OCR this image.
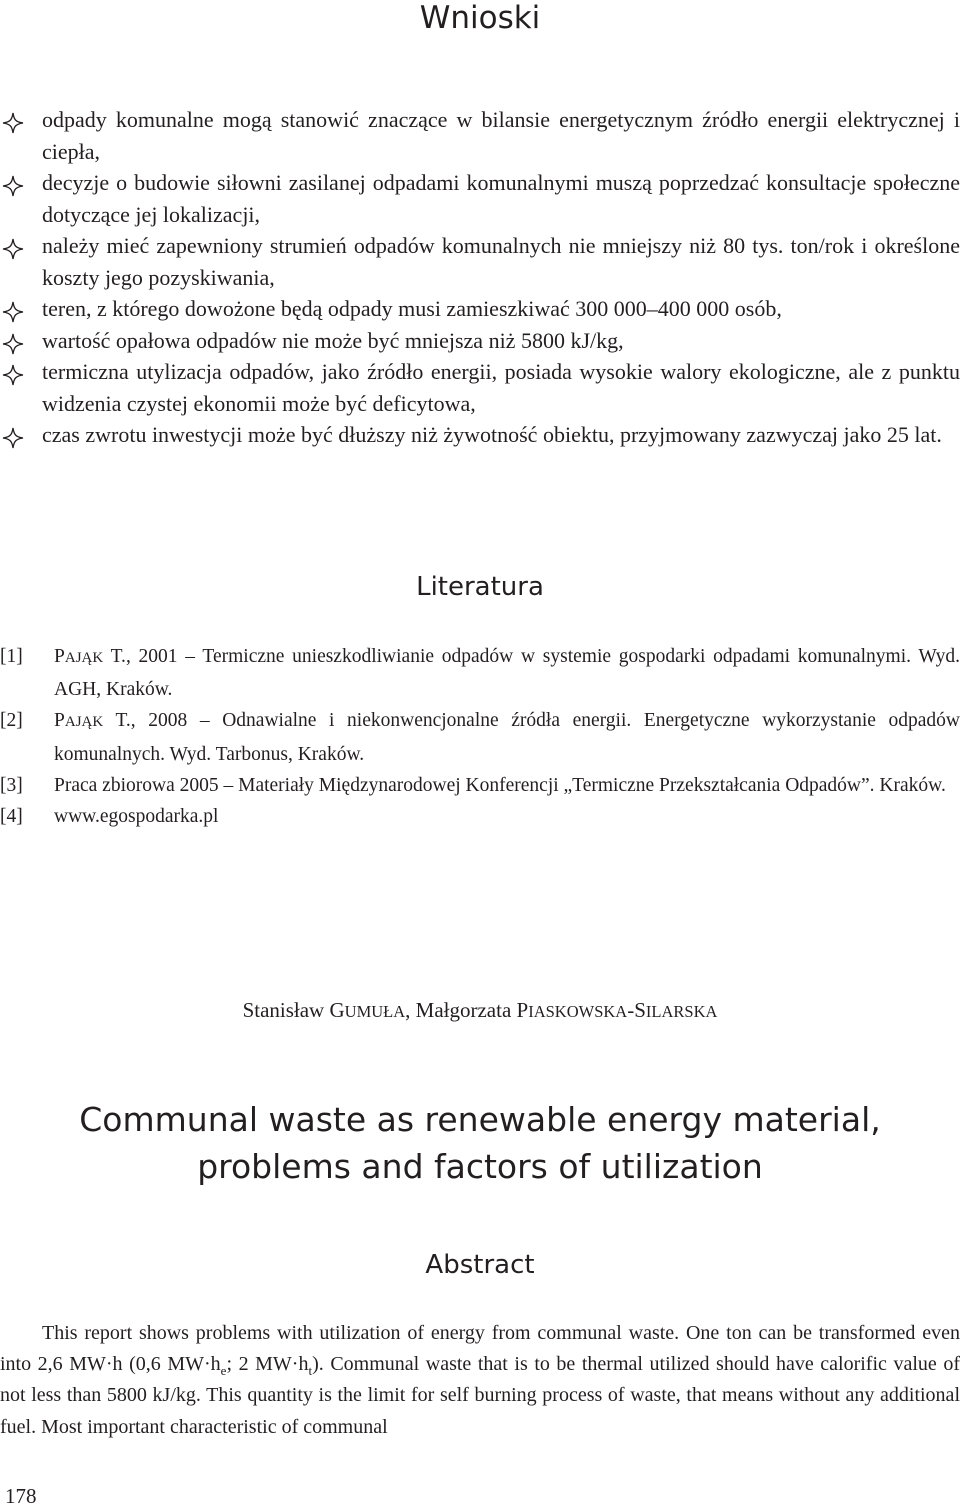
Wnioski
odpady komunalne mogą stanowić znaczące w bilansie energetycznym źródło energii elektrycznej i ciepła,
decyzje o budowie siłowni zasilanej odpadami komunalnymi muszą poprzedzać konsultacje społeczne dotyczące jej lokalizacji,
należy mieć zapewniony strumień odpadów komunalnych nie mniejszy niż 80 tys. ton/rok i określone koszty jego pozyskiwania,
teren, z którego dowożone będą odpady musi zamieszkiwać 300 000–400 000 osób,
wartość opałowa odpadów nie może być mniejsza niż 5800 kJ/kg,
termiczna utylizacja odpadów, jako źródło energii, posiada wysokie walory ekologiczne, ale z punktu widzenia czystej ekonomii może być deficytowa,
czas zwrotu inwestycji może być dłuższy niż żywotność obiektu, przyjmowany zazwyczaj jako 25 lat.
Literatura
[1] PAJĄK T., 2001 – Termiczne unieszkodliwianie odpadów w systemie gospodarki odpadami komunalnymi. Wyd. AGH, Kraków.
[2] PAJĄK T., 2008 – Odnawialne i niekonwencjonalne źródła energii. Energetyczne wykorzystanie odpadów komunalnych. Wyd. Tarbonus, Kraków.
[3] Praca zbiorowa 2005 – Materiały Międzynarodowej Konferencji „Termiczne Przekształcania Odpadów”. Kraków.
[4] www.egospodarka.pl
Stanisław GUMUŁA, Małgorzata PIASKOWSKA-SILARSKA
Communal waste as renewable energy material, problems and factors of utilization
Abstract

This report shows problems with utilization of energy from communal waste. One ton can be transformed even into 2,6 MW·h (0,6 $MW\cdot h_e$; 2 $MW\cdot h_t$). Communal waste that is to be thermal utilized should have calorific value of not less than 5800 kJ/kg. This quantity is the limit for self burning process of waste, that means without any additional fuel. Most important characteristic of communal

178
